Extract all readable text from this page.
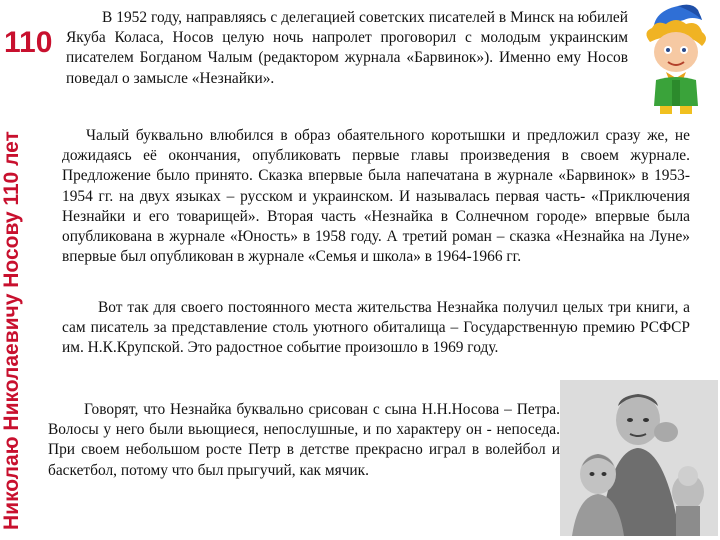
110
Николаю Николаевичу Носову 110 лет

В 1952 году, направляясь с делегацией советских писателей в Минск на юбилей Якуба Коласа, Носов целую ночь напролет проговорил с молодым украинским писателем Богданом Чалым (редактором журнала «Барвинок»). Именно ему Носов поведал о замысле «Незнайки».

Чалый буквально влюбился в образ обаятельного коротышки и предложил сразу же, не дожидаясь её окончания, опубликовать первые главы произведения в своем журнале. Предложение было принято. Сказка впервые была напечатана в журнале «Барвинок» в 1953-1954 гг. на двух языках – русском и украинском. И называлась первая часть- «Приключения Незнайки и его товарищей». Вторая часть «Незнайка в Солнечном городе» впервые была опубликована в журнале «Юность» в 1958 году. А третий роман – сказка «Незнайка на Луне» впервые был опубликован в журнале «Семья и школа» в 1964-1966 гг.

Вот так для своего постоянного места жительства Незнайка получил целых три книги, а сам писатель за представление столь уютного обиталища – Государственную премию РСФСР им. Н.К.Крупской. Это радостное событие произошло в 1969 году.

Говорят, что Незнайка буквально срисован с сына Н.Н.Носова – Петра. Волосы у него были вьющиеся, непослушные, и по характеру он - непоседа. При своем небольшом росте Петр в детстве прекрасно играл в волейбол и баскетбол, потому что был прыгучий, как мячик.
